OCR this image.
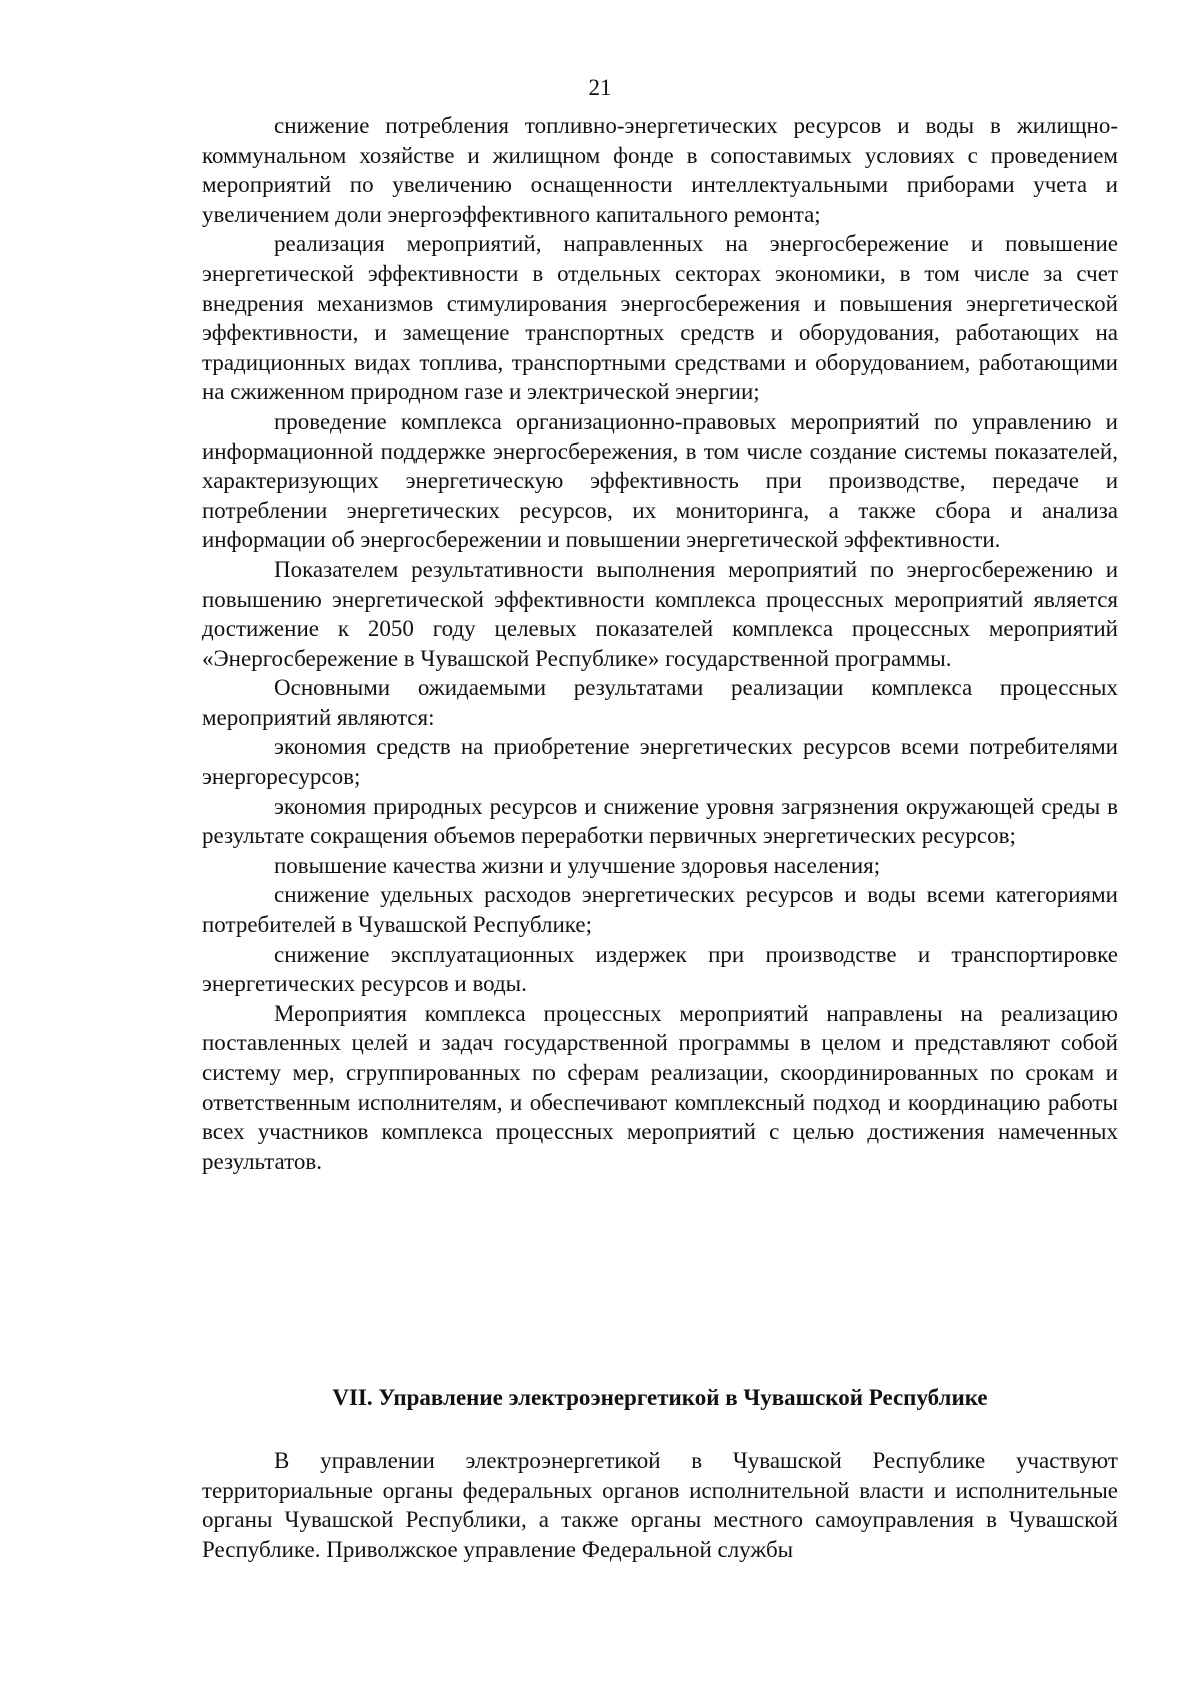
21

снижение потребления топливно-энергетических ресурсов и воды в жилищно-коммунальном хозяйстве и жилищном фонде в сопоставимых условиях с проведением мероприятий по увеличению оснащенности интеллектуальными приборами учета и увеличением доли энергоэффективного капитального ремонта;

реализация мероприятий, направленных на энергосбережение и повышение энергетической эффективности в отдельных секторах экономики, в том числе за счет внедрения механизмов стимулирования энергосбережения и повышения энергетической эффективности, и замещение транспортных средств и оборудования, работающих на традиционных видах топлива, транспортными средствами и оборудованием, работающими на сжиженном природном газе и электрической энергии;

проведение комплекса организационно-правовых мероприятий по управлению и информационной поддержке энергосбережения, в том числе создание системы показателей, характеризующих энергетическую эффективность при производстве, передаче и потреблении энергетических ресурсов, их мониторинга, а также сбора и анализа информации об энергосбережении и повышении энергетической эффективности.

Показателем результативности выполнения мероприятий по энергосбережению и повышению энергетической эффективности комплекса процессных мероприятий является достижение к 2050 году целевых показателей комплекса процессных мероприятий «Энергосбережение в Чувашской Республике» государственной программы.

Основными ожидаемыми результатами реализации комплекса процессных мероприятий являются:

экономия средств на приобретение энергетических ресурсов всеми потребителями энергоресурсов;

экономия природных ресурсов и снижение уровня загрязнения окружающей среды в результате сокращения объемов переработки первичных энергетических ресурсов;

повышение качества жизни и улучшение здоровья населения;

снижение удельных расходов энергетических ресурсов и воды всеми категориями потребителей в Чувашской Республике;

снижение эксплуатационных издержек при производстве и транспортировке энергетических ресурсов и воды.

Мероприятия комплекса процессных мероприятий направлены на реализацию поставленных целей и задач государственной программы в целом и представляют собой систему мер, сгруппированных по сферам реализации, скоординированных по срокам и ответственным исполнителям, и обеспечивают комплексный подход и координацию работы всех участников комплекса процессных мероприятий с целью достижения намеченных результатов.

VII. Управление электроэнергетикой в Чувашской Республике

В управлении электроэнергетикой в Чувашской Республике участвуют территориальные органы федеральных органов исполнительной власти и исполнительные органы Чувашской Республики, а также органы местного самоуправления в Чувашской Республике. Приволжское управление Федеральной службы
